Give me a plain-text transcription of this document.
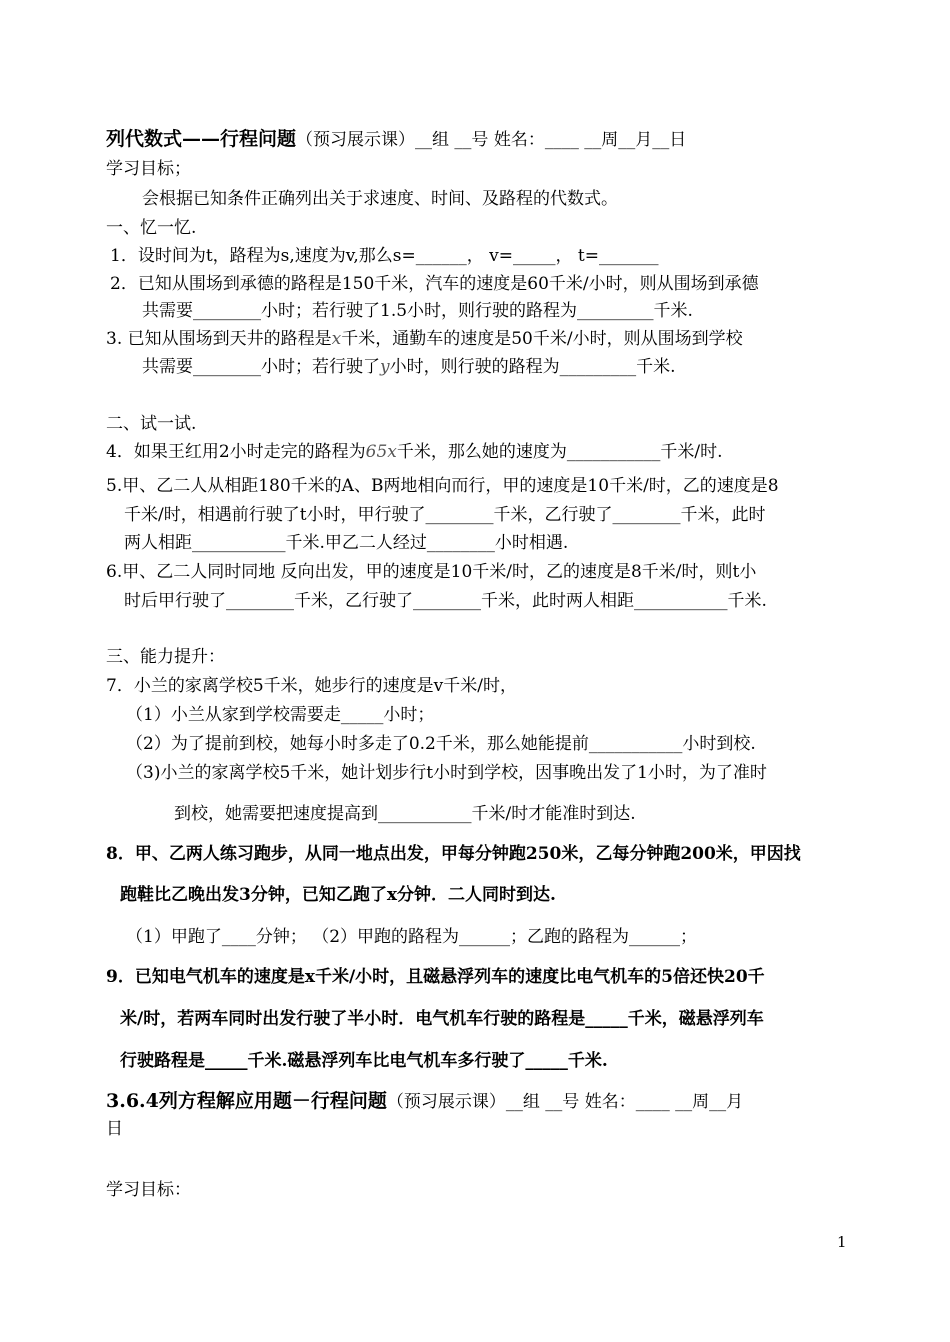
列代数式——行程问题（预习展示课）__组 __号 姓名：____ __周__月__日
学习目标；
会根据已知条件正确列出关于求速度、时间、及路程的代数式。
一、忆一忆.
1．设时间为t，路程为s,速度为v,那么s=______， v=_____， t=_______
2．已知从围场到承德的路程是150千米，汽车的速度是60千米/小时，则从围场到承德
共需要________小时；若行驶了1.5小时，则行驶的路程为_________千米.
3. 已知从围场到天井的路程是x千米，通勤车的速度是50千米/小时，则从围场到学校
共需要________小时；若行驶了y小时，则行驶的路程为_________千米.
二、试一试.
4．如果王红用2小时走完的路程为65x千米，那么她的速度为___________千米/时.
5.甲、乙二人从相距180千米的A、B两地相向而行，甲的速度是10千米/时，乙的速度是8
千米/时，相遇前行驶了t小时，甲行驶了________千米，乙行驶了________千米，此时
两人相距___________千米.甲乙二人经过________小时相遇.
6.甲、乙二人同时同地 反向出发，甲的速度是10千米/时，乙的速度是8千米/时，则t小
时后甲行驶了________千米，乙行驶了________千米，此时两人相距___________千米.
三、能力提升：
7．小兰的家离学校5千米，她步行的速度是v千米/时，
（1）小兰从家到学校需要走_____小时；
（2）为了提前到校，她每小时多走了0.2千米，那么她能提前___________小时到校.
（3)小兰的家离学校5千米，她计划步行t小时到学校，因事晚出发了1小时，为了准时
到校，她需要把速度提高到___________千米/时才能准时到达.
8．甲、乙两人练习跑步，从同一地点出发，甲每分钟跑250米，乙每分钟跑200米，甲因找
跑鞋比乙晚出发3分钟，已知乙跑了x分钟．二人同时到达.
（1）甲跑了____分钟； （2）甲跑的路程为______；乙跑的路程为______；
9．已知电气机车的速度是x千米/小时，且磁悬浮列车的速度比电气机车的5倍还快20千
米/时，若两车同时出发行驶了半小时．电气机车行驶的路程是_____千米，磁悬浮列车
行驶路程是_____千米.磁悬浮列车比电气机车多行驶了_____千米.
3.6.4列方程解应用题－行程问题（预习展示课）__组 __号 姓名：____ __周__月
日
学习目标：
1
